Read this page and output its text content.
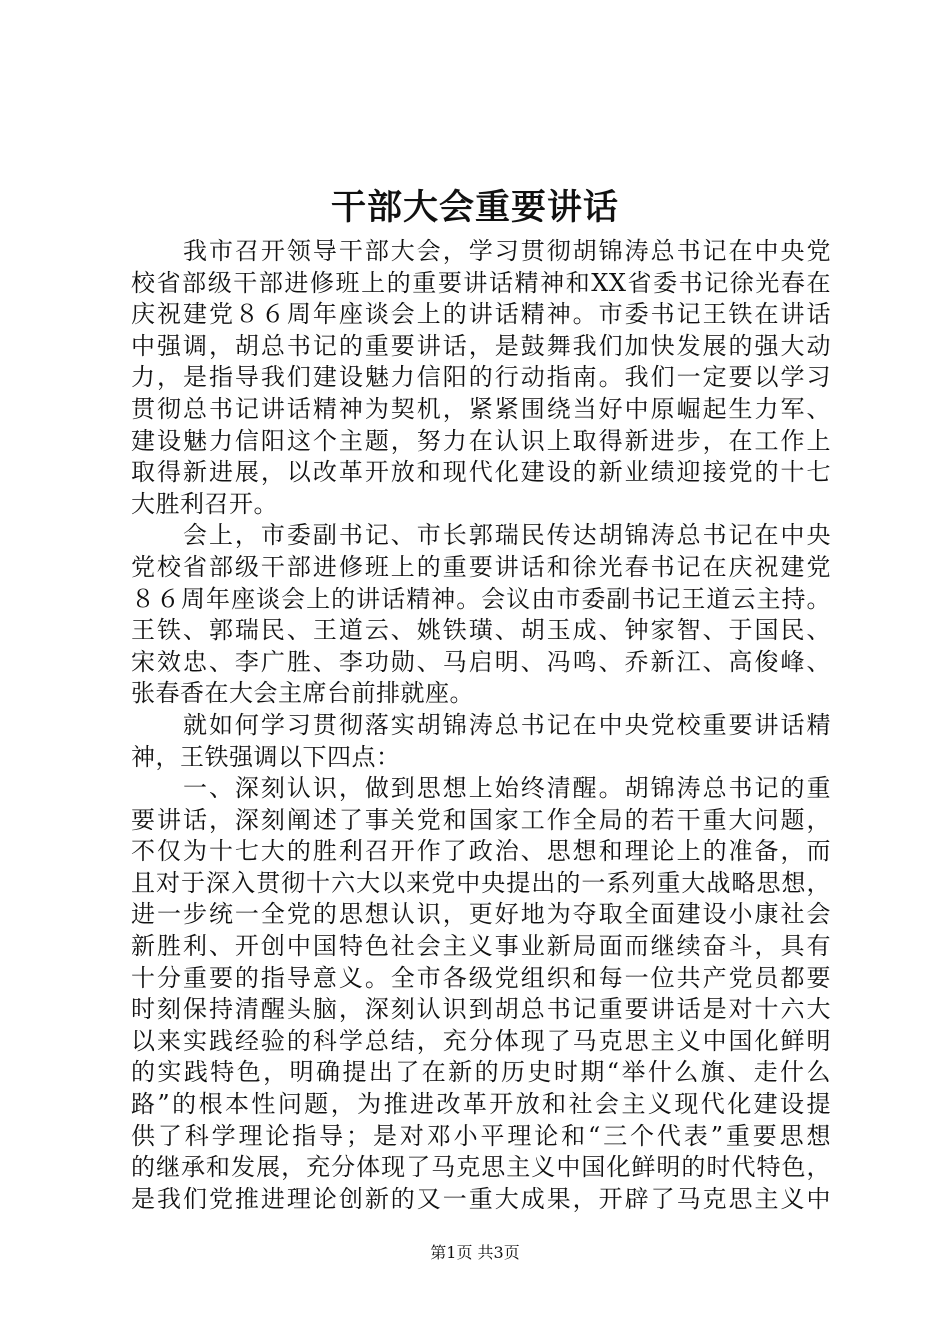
干部大会重要讲话
　　我市召开领导干部大会，学习贯彻胡锦涛总书记在中央党
校省部级干部进修班上的重要讲话精神和XX省委书记徐光春在
庆祝建党８６周年座谈会上的讲话精神。市委书记王铁在讲话
中强调，胡总书记的重要讲话，是鼓舞我们加快发展的强大动
力，是指导我们建设魅力信阳的行动指南。我们一定要以学习
贯彻总书记讲话精神为契机，紧紧围绕当好中原崛起生力军、
建设魅力信阳这个主题，努力在认识上取得新进步，在工作上
取得新进展，以改革开放和现代化建设的新业绩迎接党的十七
大胜利召开。
　　会上，市委副书记、市长郭瑞民传达胡锦涛总书记在中央
党校省部级干部进修班上的重要讲话和徐光春书记在庆祝建党
８６周年座谈会上的讲话精神。会议由市委副书记王道云主持。
王铁、郭瑞民、王道云、姚铁璜、胡玉成、钟家智、于国民、
宋效忠、李广胜、李功勋、马启明、冯鸣、乔新江、高俊峰、
张春香在大会主席台前排就座。
　　就如何学习贯彻落实胡锦涛总书记在中央党校重要讲话精
神，王铁强调以下四点：
　　一、深刻认识，做到思想上始终清醒。胡锦涛总书记的重
要讲话，深刻阐述了事关党和国家工作全局的若干重大问题，
不仅为十七大的胜利召开作了政治、思想和理论上的准备，而
且对于深入贯彻十六大以来党中央提出的一系列重大战略思想，
进一步统一全党的思想认识，更好地为夺取全面建设小康社会
新胜利、开创中国特色社会主义事业新局面而继续奋斗，具有
十分重要的指导意义。全市各级党组织和每一位共产党员都要
时刻保持清醒头脑，深刻认识到胡总书记重要讲话是对十六大
以来实践经验的科学总结，充分体现了马克思主义中国化鲜明
的实践特色，明确提出了在新的历史时期“举什么旗、走什么
路”的根本性问题，为推进改革开放和社会主义现代化建设提
供了科学理论指导；是对邓小平理论和“三个代表”重要思想
的继承和发展，充分体现了马克思主义中国化鲜明的时代特色，
是我们党推进理论创新的又一重大成果，开辟了马克思主义中
第1页 共3页
